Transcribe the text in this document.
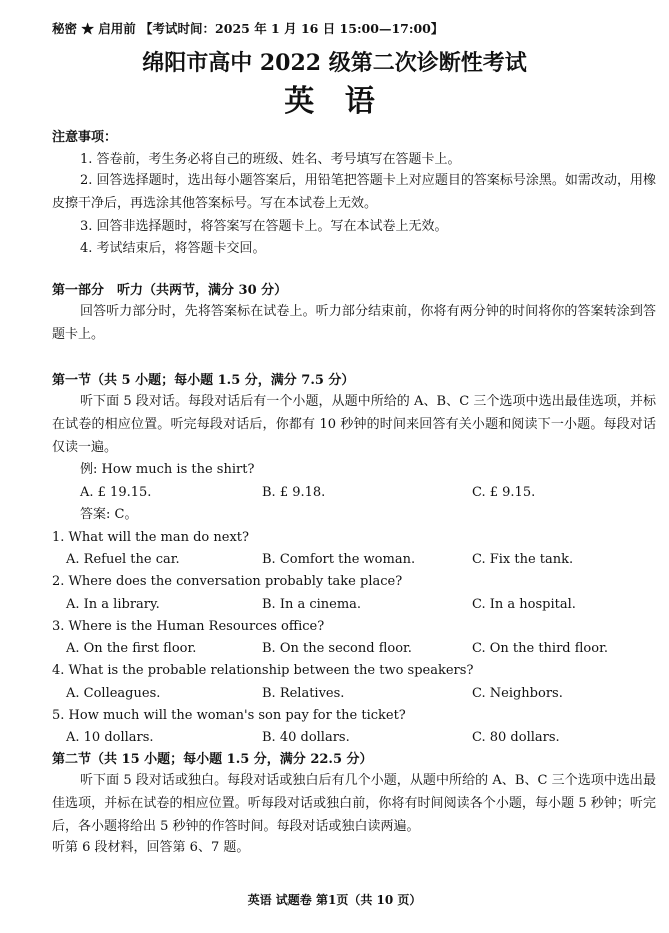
秘密 ★ 启用前 【考试时间：2025 年 1 月 16 日 15:00—17:00】
绵阳市高中 2022 级第二次诊断性考试
英 语
注意事项：
1. 答卷前，考生务必将自己的班级、姓名、考号填写在答题卡上。
2. 回答选择题时，选出每小题答案后，用铅笔把答题卡上对应题目的答案标号涂黑。如需改动，用橡皮擦干净后，再选涂其他答案标号。写在本试卷上无效。
3. 回答非选择题时，将答案写在答题卡上。写在本试卷上无效。
4. 考试结束后，将答题卡交回。
第一部分　听力（共两节，满分 30 分）
回答听力部分时，先将答案标在试卷上。听力部分结束前，你将有两分钟的时间将你的答案转涂到答题卡上。
第一节（共 5 小题；每小题 1.5 分，满分 7.5 分）
听下面 5 段对话。每段对话后有一个小题，从题中所给的 A、B、C 三个选项中选出最佳选项，并标在试卷的相应位置。听完每段对话后，你都有 10 秒钟的时间来回答有关小题和阅读下一小题。每段对话仅读一遍。
例: How much is the shirt?
A. £ 19.15.	B. £ 9.18.	C. £ 9.15.
答案: C。
1. What will the man do next?
A. Refuel the car.	B. Comfort the woman.	C. Fix the tank.
2. Where does the conversation probably take place?
A. In a library.	B. In a cinema.	C. In a hospital.
3. Where is the Human Resources office?
A. On the first floor.	B. On the second floor.	C. On the third floor.
4. What is the probable relationship between the two speakers?
A. Colleagues.	B. Relatives.	C. Neighbors.
5. How much will the woman's son pay for the ticket?
A. 10 dollars.	B. 40 dollars.	C. 80 dollars.
第二节（共 15 小题；每小题 1.5 分，满分 22.5 分）
听下面 5 段对话或独白。每段对话或独白后有几个小题，从题中所给的 A、B、C 三个选项中选出最佳选项，并标在试卷的相应位置。听每段对话或独白前，你将有时间阅读各个小题，每小题 5 秒钟；听完后，各小题将给出 5 秒钟的作答时间。每段对话或独白读两遍。
听第 6 段材料，回答第 6、7 题。
英语 试题卷 第1页（共 10 页）
